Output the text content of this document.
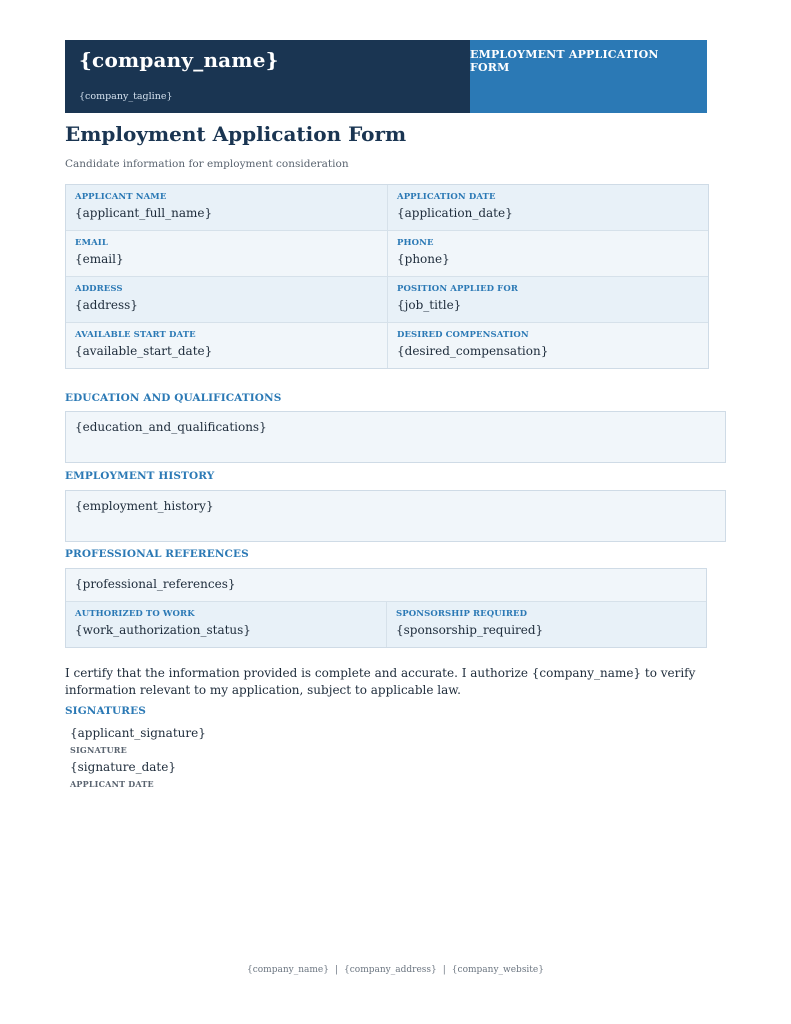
{company_name}
{company_tagline}
EMPLOYMENT APPLICATION FORM
Employment Application Form
Candidate information for employment consideration
APPLICANT NAME
{applicant_full_name}
APPLICATION DATE
{application_date}
EMAIL
{email}
PHONE
{phone}
ADDRESS
{address}
POSITION APPLIED FOR
{job_title}
AVAILABLE START DATE
{available_start_date}
DESIRED COMPENSATION
{desired_compensation}
EDUCATION AND QUALIFICATIONS
{education_and_qualifications}
EMPLOYMENT HISTORY
{employment_history}
PROFESSIONAL REFERENCES
{professional_references}
AUTHORIZED TO WORK
{work_authorization_status}
SPONSORSHIP REQUIRED
{sponsorship_required}
I certify that the information provided is complete and accurate. I authorize {company_name} to verify information relevant to my application, subject to applicable law.
SIGNATURES
{applicant_signature}
SIGNATURE
{signature_date}
APPLICANT DATE
{company_name} | {company_address} | {company_website}
